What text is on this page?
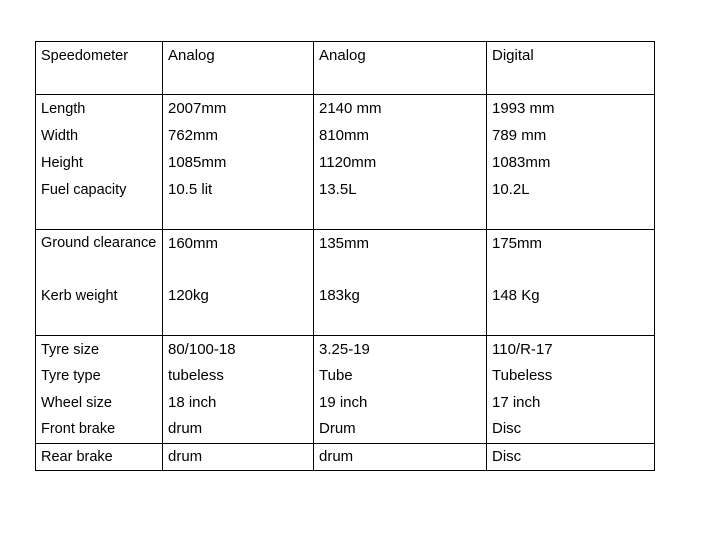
Speedometer	Analog	Analog	Digital
Length	2007mm	2140 mm	1993 mm
Width	762mm	810mm	789 mm
Height	1085mm	1120mm	1083mm
Fuel capacity	10.5 lit	13.5L	10.2L
Ground clearance	160mm	135mm	175mm
Kerb weight	120kg	183kg	148 Kg
Tyre size	80/100-18	3.25-19	110/R-17
Tyre type	tubeless	Tube	Tubeless
Wheel size	18 inch	19 inch	17 inch
Front brake	drum	Drum	Disc
Rear brake	drum	drum	Disc
